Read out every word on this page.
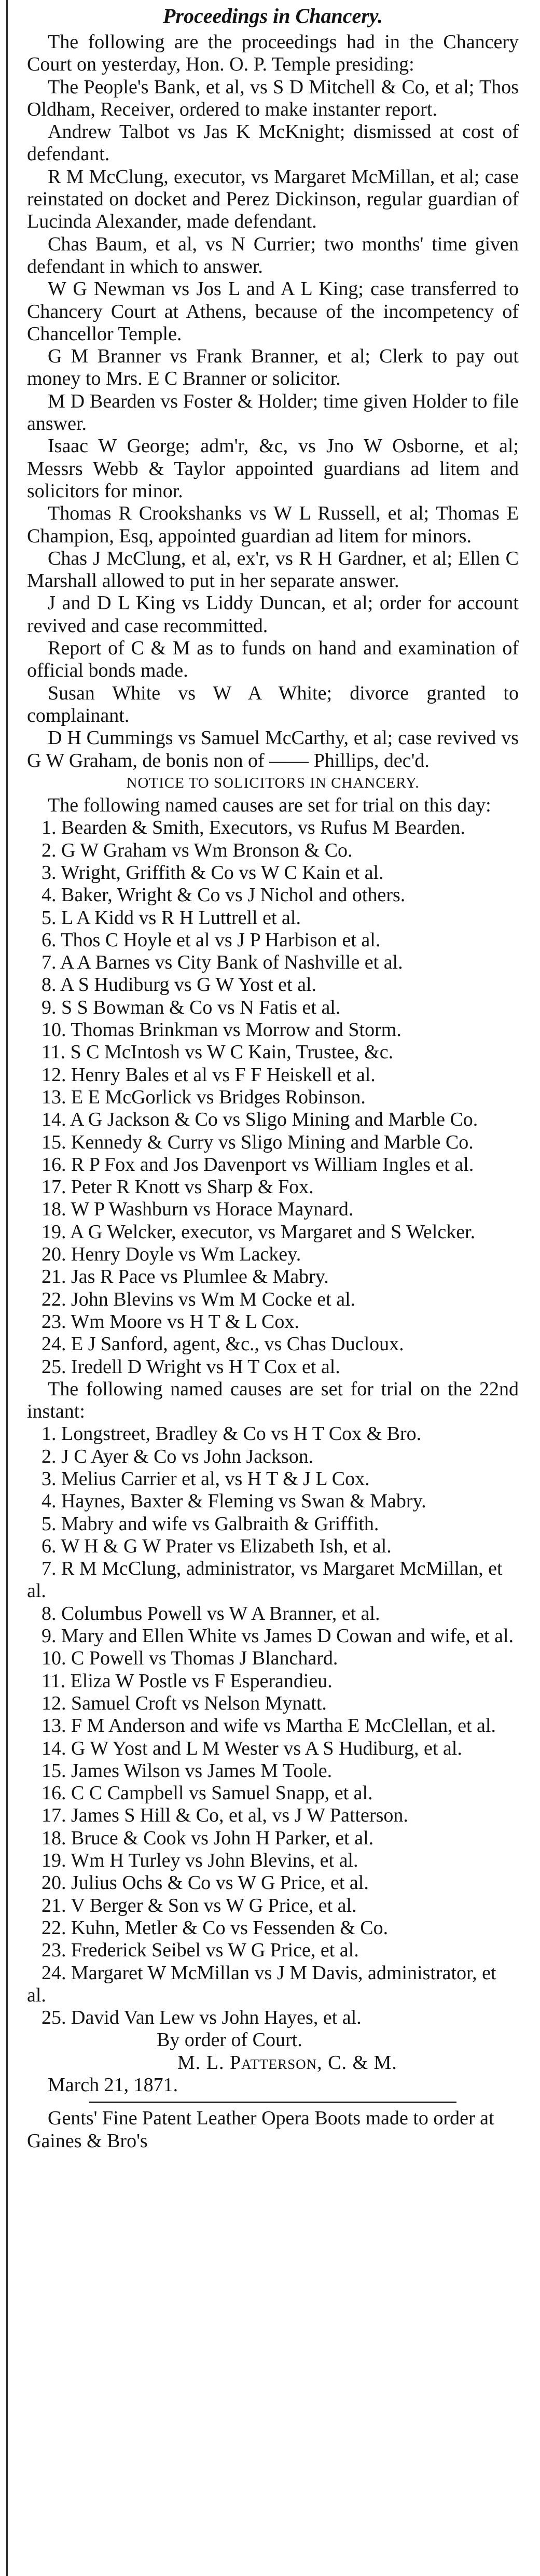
Proceedings in Chancery.

The following are the proceedings had in the Chancery Court on yesterday, Hon. O. P. Temple presiding:

The People's Bank, et al, vs S D Mitchell & Co, et al; Thos Oldham, Receiver, ordered to make instanter report.

Andrew Talbot vs Jas K McKnight; dismissed at cost of defendant.

R M McClung, executor, vs Margaret McMillan, et al; case reinstated on docket and Perez Dickinson, regular guardian of Lucinda Alexander, made defendant.

Chas Baum, et al, vs N Currier; two months' time given defendant in which to answer.

W G Newman vs Jos L and A L King; case transferred to Chancery Court at Athens, because of the incompetency of Chancellor Temple.

G M Branner vs Frank Branner, et al; Clerk to pay out money to Mrs. E C Branner or solicitor.

M D Bearden vs Foster & Holder; time given Holder to file answer.

Isaac W George; adm'r, &c, vs Jno W Osborne, et al; Messrs Webb & Taylor appointed guardians ad litem and solicitors for minor.

Thomas R Crookshanks vs W L Russell, et al; Thomas E Champion, Esq, appointed guardian ad litem for minors.

Chas J McClung, et al, ex'r, vs R H Gardner, et al; Ellen C Marshall allowed to put in her separate answer.

J and D L King vs Liddy Duncan, et al; order for account revived and case recommitted.

Report of C & M as to funds on hand and examination of official bonds made.

Susan White vs W A White; divorce granted to complainant.

D H Cummings vs Samuel McCarthy, et al; case revived vs G W Graham, de bonis non of —— Phillips, dec'd.

NOTICE TO SOLICITORS IN CHANCERY.

The following named causes are set for trial on this day:

1. Bearden & Smith, Executors, vs Rufus M Bearden.

2. G W Graham vs Wm Bronson & Co.

3. Wright, Griffith & Co vs W C Kain et al.

4. Baker, Wright & Co vs J Nichol and others.

5. L A Kidd vs R H Luttrell et al.

6. Thos C Hoyle et al vs J P Harbison et al.

7. A A Barnes vs City Bank of Nashville et al.

8. A S Hudiburg vs G W Yost et al.

9. S S Bowman & Co vs N Fatis et al.

10. Thomas Brinkman vs Morrow and Storm.

11. S C McIntosh vs W C Kain, Trustee, &c.

12. Henry Bales et al vs F F Heiskell et al.

13. E E McGorlick vs Bridges Robinson.

14. A G Jackson & Co vs Sligo Mining and Marble Co.

15. Kennedy & Curry vs Sligo Mining and Marble Co.

16. R P Fox and Jos Davenport vs William Ingles et al.

17. Peter R Knott vs Sharp & Fox.

18. W P Washburn vs Horace Maynard.

19. A G Welcker, executor, vs Margaret and S Welcker.

20. Henry Doyle vs Wm Lackey.

21. Jas R Pace vs Plumlee & Mabry.

22. John Blevins vs Wm M Cocke et al.

23. Wm Moore vs H T & L Cox.

24. E J Sanford, agent, &c., vs Chas Ducloux.

25. Iredell D Wright vs H T Cox et al.

The following named causes are set for trial on the 22nd instant:

1. Longstreet, Bradley & Co vs H T Cox & Bro.

2. J C Ayer & Co vs John Jackson.

3. Melius Carrier et al, vs H T & J L Cox.

4. Haynes, Baxter & Fleming vs Swan & Mabry.

5. Mabry and wife vs Galbraith & Griffith.

6. W H & G W Prater vs Elizabeth Ish, et al.

7. R M McClung, administrator, vs Margaret McMillan, et al.

8. Columbus Powell vs W A Branner, et al.

9. Mary and Ellen White vs James D Cowan and wife, et al.

10. C Powell vs Thomas J Blanchard.

11. Eliza W Postle vs F Esperandieu.

12. Samuel Croft vs Nelson Mynatt.

13. F M Anderson and wife vs Martha E McClellan, et al.

14. G W Yost and L M Wester vs A S Hudiburg, et al.

15. James Wilson vs James M Toole.

16. C C Campbell vs Samuel Snapp, et al.

17. James S Hill & Co, et al, vs J W Patterson.

18. Bruce & Cook vs John H Parker, et al.

19. Wm H Turley vs John Blevins, et al.

20. Julius Ochs & Co vs W G Price, et al.

21. V Berger & Son vs W G Price, et al.

22. Kuhn, Metler & Co vs Fessenden & Co.

23. Frederick Seibel vs W G Price, et al.

24. Margaret W McMillan vs J M Davis, administrator, et al.

25. David Van Lew vs John Hayes, et al.

By order of Court.

M. L. Patterson, C. & M.

March 21, 1871.

Gents' Fine Patent Leather Opera Boots made to order at Gaines & Bro's
